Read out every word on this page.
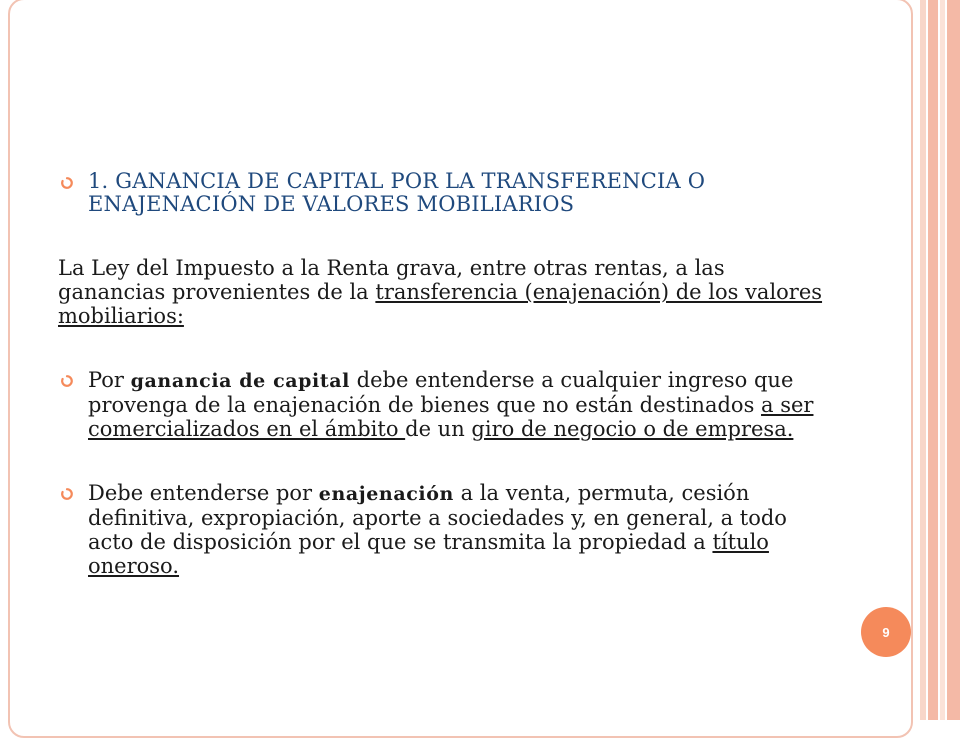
1. GANANCIA DE CAPITAL POR LA TRANSFERENCIA O ENAJENACIÓN DE VALORES MOBILIARIOS
La Ley del Impuesto a la Renta grava, entre otras rentas, a las ganancias provenientes de la transferencia (enajenación) de los valores mobiliarios:
Por ganancia de capital debe entenderse a cualquier ingreso que provenga de la enajenación de bienes que no están destinados a ser comercializados en el ámbito de un giro de negocio o de empresa.
Debe entenderse por enajenación a la venta, permuta, cesión definitiva, expropiación, aporte a sociedades y, en general, a todo acto de disposición por el que se transmita la propiedad a título oneroso.
9
